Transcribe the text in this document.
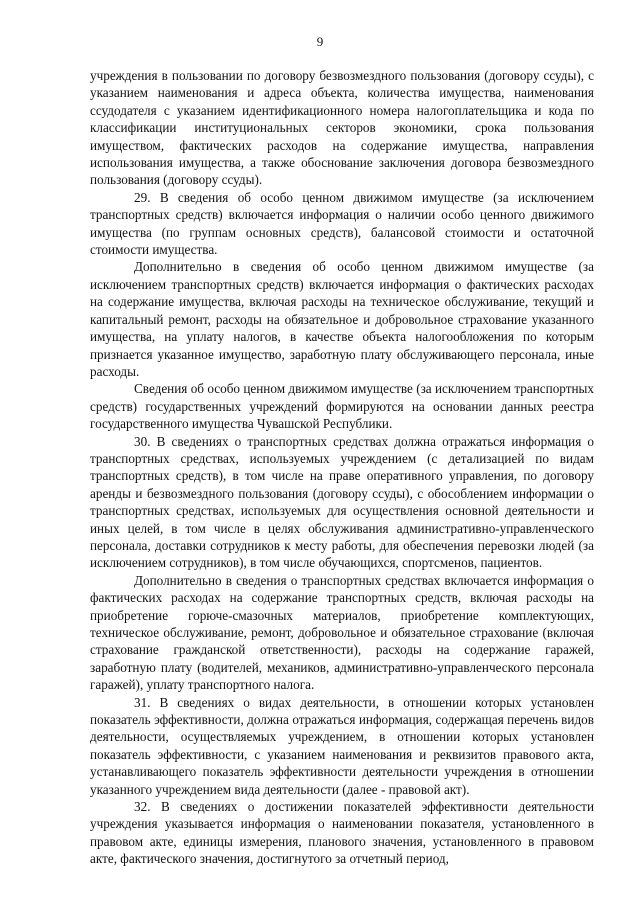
9

учреждения в пользовании по договору безвозмездного пользования (договору ссуды), с указанием наименования и адреса объекта, количества имущества, наименования ссудодателя с указанием идентификационного номера налогоплательщика и кода по классификации институциональных секторов экономики, срока пользования имуществом, фактических расходов на содержание имущества, направления использования имущества, а также обоснование заключения договора безвозмездного пользования (договору ссуды).

29. В сведения об особо ценном движимом имуществе (за исключением транспортных средств) включается информация о наличии особо ценного движимого имущества (по группам основных средств), балансовой стоимости и остаточной стоимости имущества.

Дополнительно в сведения об особо ценном движимом имуществе (за исключением транспортных средств) включается информация о фактических расходах на содержание имущества, включая расходы на техническое обслуживание, текущий и капитальный ремонт, расходы на обязательное и добровольное страхование указанного имущества, на уплату налогов, в качестве объекта налогообложения по которым признается указанное имущество, заработную плату обслуживающего персонала, иные расходы.

Сведения об особо ценном движимом имуществе (за исключением транспортных средств) государственных учреждений формируются на основании данных реестра государственного имущества Чувашской Республики.

30. В сведениях о транспортных средствах должна отражаться информация о транспортных средствах, используемых учреждением (с детализацией по видам транспортных средств), в том числе на праве оперативного управления, по договору аренды и безвозмездного пользования (договору ссуды), с обособлением информации о транспортных средствах, используемых для осуществления основной деятельности и иных целей, в том числе в целях обслуживания административно-управленческого персонала, доставки сотрудников к месту работы, для обеспечения перевозки людей (за исключением сотрудников), в том числе обучающихся, спортсменов, пациентов.

Дополнительно в сведения о транспортных средствах включается информация о фактических расходах на содержание транспортных средств, включая расходы на приобретение горюче-смазочных материалов, приобретение комплектующих, техническое обслуживание, ремонт, добровольное и обязательное страхование (включая страхование гражданской ответственности), расходы на содержание гаражей, заработную плату (водителей, механиков, административно-управленческого персонала гаражей), уплату транспортного налога.

31. В сведениях о видах деятельности, в отношении которых установлен показатель эффективности, должна отражаться информация, содержащая перечень видов деятельности, осуществляемых учреждением, в отношении которых установлен показатель эффективности, с указанием наименования и реквизитов правового акта, устанавливающего показатель эффективности деятельности учреждения в отношении указанного учреждением вида деятельности (далее - правовой акт).

32. В сведениях о достижении показателей эффективности деятельности учреждения указывается информация о наименовании показателя, установленного в правовом акте, единицы измерения, планового значения, установленного в правовом акте, фактического значения, достигнутого за отчетный период,
